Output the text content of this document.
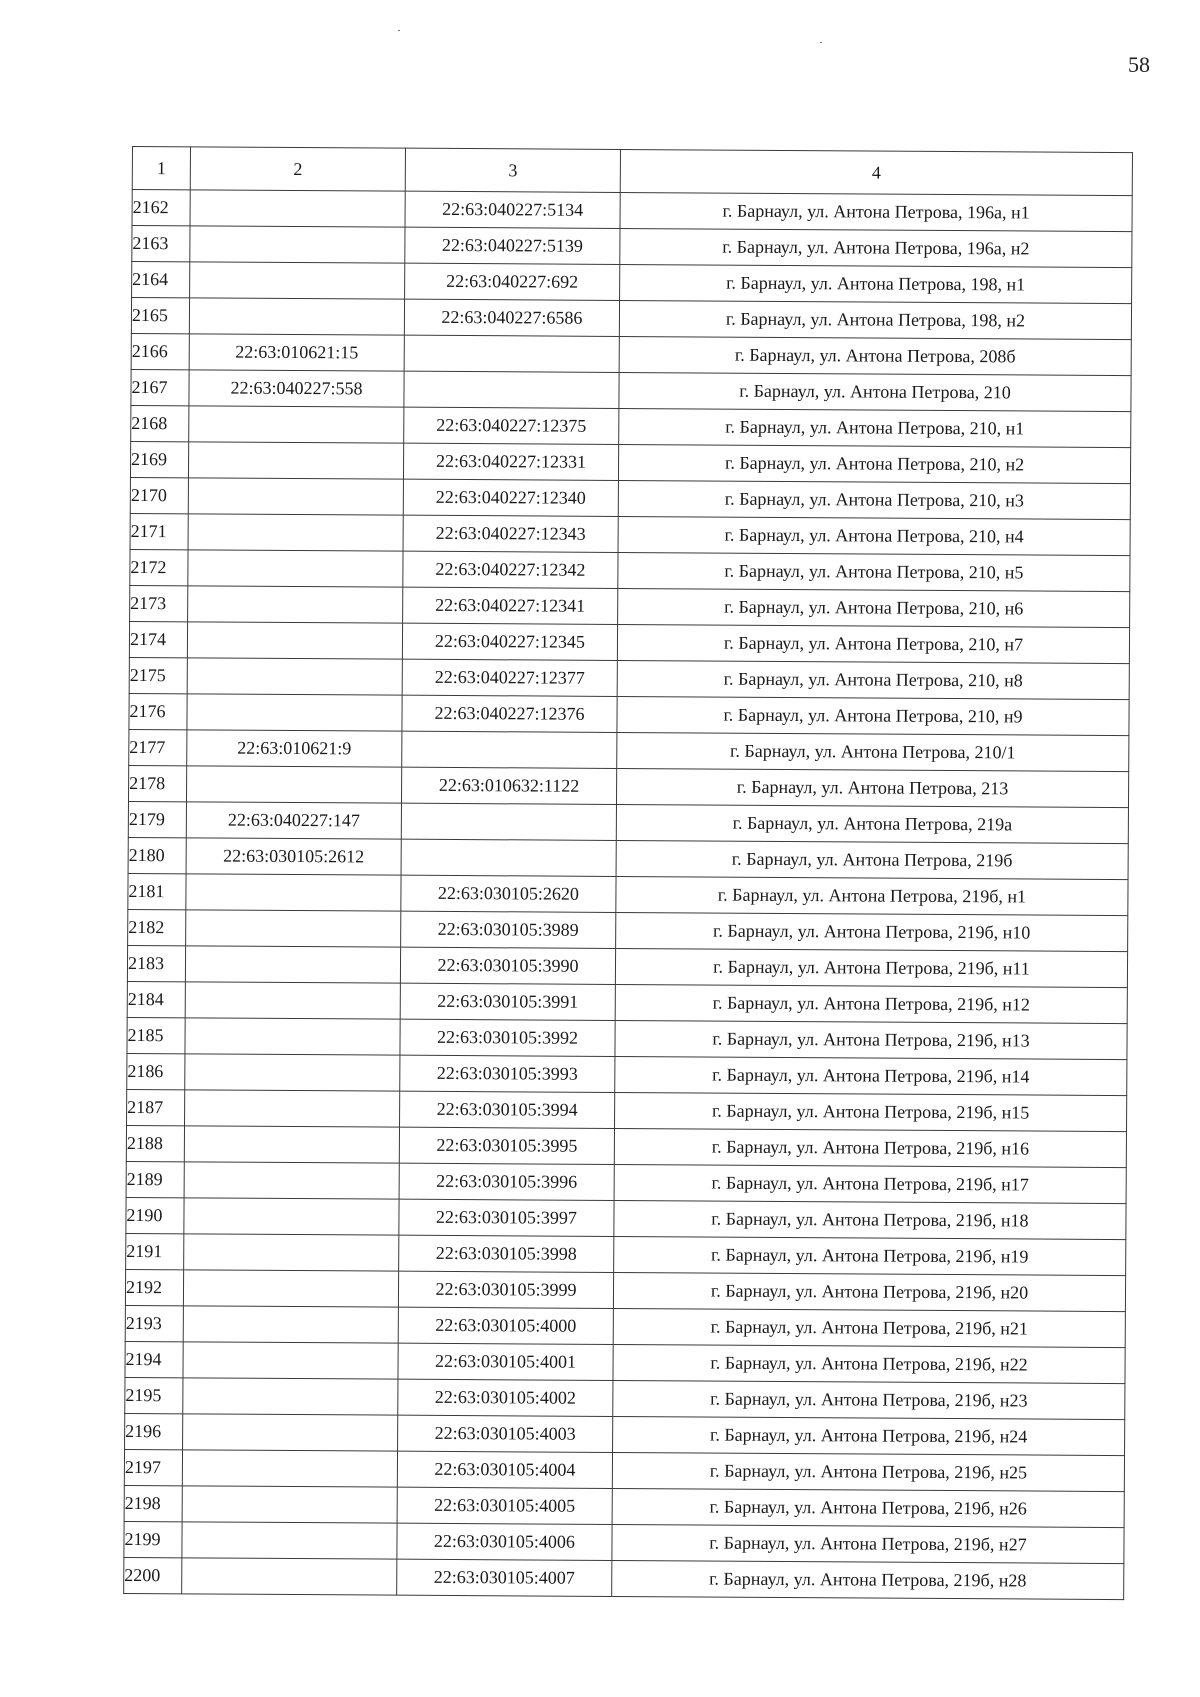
58
1	2	3	4
2162		22:63:040227:5134	г. Барнаул, ул. Антона Петрова, 196а, н1
2163		22:63:040227:5139	г. Барнаул, ул. Антона Петрова, 196а, н2
2164		22:63:040227:692	г. Барнаул, ул. Антона Петрова, 198, н1
2165		22:63:040227:6586	г. Барнаул, ул. Антона Петрова, 198, н2
2166	22:63:010621:15		г. Барнаул, ул. Антона Петрова, 208б
2167	22:63:040227:558		г. Барнаул, ул. Антона Петрова, 210
2168		22:63:040227:12375	г. Барнаул, ул. Антона Петрова, 210, н1
2169		22:63:040227:12331	г. Барнаул, ул. Антона Петрова, 210, н2
2170		22:63:040227:12340	г. Барнаул, ул. Антона Петрова, 210, н3
2171		22:63:040227:12343	г. Барнаул, ул. Антона Петрова, 210, н4
2172		22:63:040227:12342	г. Барнаул, ул. Антона Петрова, 210, н5
2173		22:63:040227:12341	г. Барнаул, ул. Антона Петрова, 210, н6
2174		22:63:040227:12345	г. Барнаул, ул. Антона Петрова, 210, н7
2175		22:63:040227:12377	г. Барнаул, ул. Антона Петрова, 210, н8
2176		22:63:040227:12376	г. Барнаул, ул. Антона Петрова, 210, н9
2177	22:63:010621:9		г. Барнаул, ул. Антона Петрова, 210/1
2178		22:63:010632:1122	г. Барнаул, ул. Антона Петрова, 213
2179	22:63:040227:147		г. Барнаул, ул. Антона Петрова, 219а
2180	22:63:030105:2612		г. Барнаул, ул. Антона Петрова, 219б
2181		22:63:030105:2620	г. Барнаул, ул. Антона Петрова, 219б, н1
2182		22:63:030105:3989	г. Барнаул, ул. Антона Петрова, 219б, н10
2183		22:63:030105:3990	г. Барнаул, ул. Антона Петрова, 219б, н11
2184		22:63:030105:3991	г. Барнаул, ул. Антона Петрова, 219б, н12
2185		22:63:030105:3992	г. Барнаул, ул. Антона Петрова, 219б, н13
2186		22:63:030105:3993	г. Барнаул, ул. Антона Петрова, 219б, н14
2187		22:63:030105:3994	г. Барнаул, ул. Антона Петрова, 219б, н15
2188		22:63:030105:3995	г. Барнаул, ул. Антона Петрова, 219б, н16
2189		22:63:030105:3996	г. Барнаул, ул. Антона Петрова, 219б, н17
2190		22:63:030105:3997	г. Барнаул, ул. Антона Петрова, 219б, н18
2191		22:63:030105:3998	г. Барнаул, ул. Антона Петрова, 219б, н19
2192		22:63:030105:3999	г. Барнаул, ул. Антона Петрова, 219б, н20
2193		22:63:030105:4000	г. Барнаул, ул. Антона Петрова, 219б, н21
2194		22:63:030105:4001	г. Барнаул, ул. Антона Петрова, 219б, н22
2195		22:63:030105:4002	г. Барнаул, ул. Антона Петрова, 219б, н23
2196		22:63:030105:4003	г. Барнаул, ул. Антона Петрова, 219б, н24
2197		22:63:030105:4004	г. Барнаул, ул. Антона Петрова, 219б, н25
2198		22:63:030105:4005	г. Барнаул, ул. Антона Петрова, 219б, н26
2199		22:63:030105:4006	г. Барнаул, ул. Антона Петрова, 219б, н27
2200		22:63:030105:4007	г. Барнаул, ул. Антона Петрова, 219б, н28
